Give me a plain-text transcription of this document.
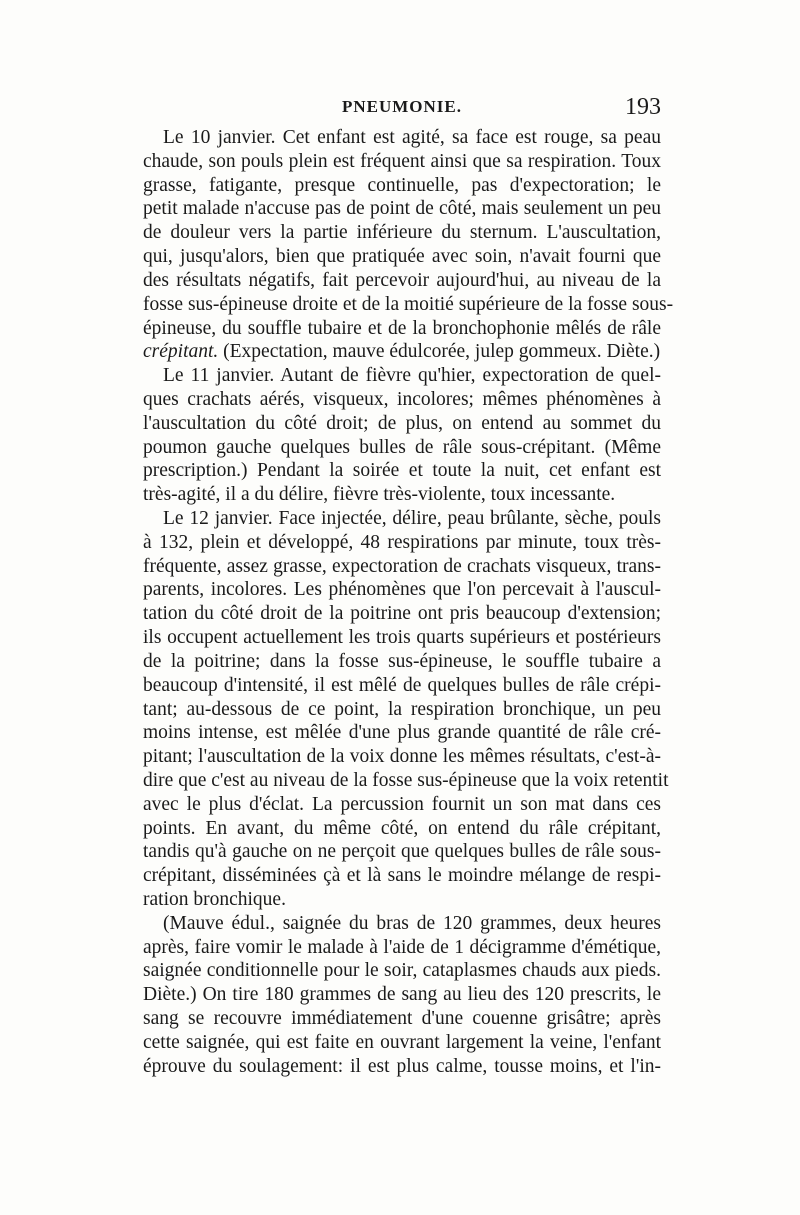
PNEUMONIE.	193
Le 10 janvier. Cet enfant est agité, sa face est rouge, sa peau
chaude, son pouls plein est fréquent ainsi que sa respiration. Toux
grasse, fatigante, presque continuelle, pas d'expectoration; le
petit malade n'accuse pas de point de côté, mais seulement un peu
de douleur vers la partie inférieure du sternum. L'auscultation,
qui, jusqu'alors, bien que pratiquée avec soin, n'avait fourni que
des résultats négatifs, fait percevoir aujourd'hui, au niveau de la
fosse sus-épineuse droite et de la moitié supérieure de la fosse sous-
épineuse, du souffle tubaire et de la bronchophonie mêlés de râle
crépitant. (Expectation, mauve édulcorée, julep gommeux. Diète.)
Le 11 janvier. Autant de fièvre qu'hier, expectoration de quel-
ques crachats aérés, visqueux, incolores; mêmes phénomènes à
l'auscultation du côté droit; de plus, on entend au sommet du
poumon gauche quelques bulles de râle sous-crépitant. (Même
prescription.) Pendant la soirée et toute la nuit, cet enfant est
très-agité, il a du délire, fièvre très-violente, toux incessante.
Le 12 janvier. Face injectée, délire, peau brûlante, sèche, pouls
à 132, plein et développé, 48 respirations par minute, toux très-
fréquente, assez grasse, expectoration de crachats visqueux, trans-
parents, incolores. Les phénomènes que l'on percevait à l'auscul-
tation du côté droit de la poitrine ont pris beaucoup d'extension;
ils occupent actuellement les trois quarts supérieurs et postérieurs
de la poitrine; dans la fosse sus-épineuse, le souffle tubaire a
beaucoup d'intensité, il est mêlé de quelques bulles de râle crépi-
tant; au-dessous de ce point, la respiration bronchique, un peu
moins intense, est mêlée d'une plus grande quantité de râle cré-
pitant; l'auscultation de la voix donne les mêmes résultats, c'est-à-
dire que c'est au niveau de la fosse sus-épineuse que la voix retentit
avec le plus d'éclat. La percussion fournit un son mat dans ces
points. En avant, du même côté, on entend du râle crépitant,
tandis qu'à gauche on ne perçoit que quelques bulles de râle sous-
crépitant, disséminées çà et là sans le moindre mélange de respi-
ration bronchique.
(Mauve édul., saignée du bras de 120 grammes, deux heures
après, faire vomir le malade à l'aide de 1 décigramme d'émétique,
saignée conditionnelle pour le soir, cataplasmes chauds aux pieds.
Diète.) On tire 180 grammes de sang au lieu des 120 prescrits, le
sang se recouvre immédiatement d'une couenne grisâtre; après
cette saignée, qui est faite en ouvrant largement la veine, l'enfant
éprouve du soulagement: il est plus calme, tousse moins, et l'in-
